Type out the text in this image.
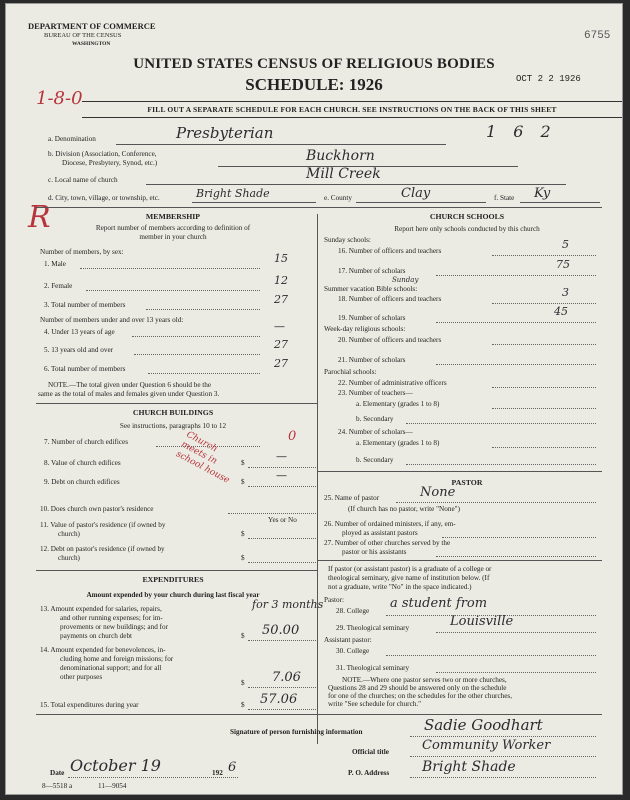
DEPARTMENT OF COMMERCE
BUREAU OF THE CENSUS
WASHINGTON
6755
UNITED STATES CENSUS OF RELIGIOUS BODIES
SCHEDULE: 1926	OCT 2 2 1926
1-8-0
FILL OUT A SEPARATE SCHEDULE FOR EACH CHURCH. SEE INSTRUCTIONS ON THE BACK OF THIS SHEET
a. Denomination	Presbyterian	1 6 2
b. Division (Association, Conference,
Diocese, Presbytery, Synod, etc.)	Buckhorn
c. Local name of church	Mill Creek
d. City, town, village, or township, etc.	Bright Shade	e. County	Clay	f. State Ky
R	MEMBERSHIP
Report number of members according to definition of
member in your church
Number of members, by sex:
1. Male	15
2. Female	12
3. Total number of members	27
Number of members under and over 13 years old:
4. Under 13 years of age	—
5. 13 years old and over	27
6. Total number of members	27
NOTE.—The total given under Question 6 should be the
same as the total of males and females given under Question 3.
CHURCH BUILDINGS
See instructions, paragraphs 10 to 12
7. Number of church edifices	0
8. Value of church edifices	$	—
9. Debt on church edifices	$	—
Church meets in school house
10. Does church own pastor's residence
Yes or No
11. Value of pastor's residence (if owned by
church)	$
12. Debt on pastor's residence (if owned by
church)	$
EXPENDITURES
Amount expended by your church during last fiscal year
13. Amount expended for salaries, repairs,
and other running expenses; for im-
provements or new buildings; and for
payments on church debt
for 3 months
$ 50.00
14. Amount expended for benevolences, in-
cluding home and foreign missions; for
denominational support; and for all
other purposes
$ 7.06
15. Total expenditures during year	$ 57.06
CHURCH SCHOOLS
Report here only schools conducted by this church
Sunday schools:
16. Number of officers and teachers	5
17. Number of scholars	75
Summer vacation Bible schools:
Sunday
18. Number of officers and teachers	3
19. Number of scholars	45
Week-day religious schools:
20. Number of officers and teachers
21. Number of scholars
Parochial schools:
22. Number of administrative officers
23. Number of teachers—
a. Elementary (grades 1 to 8)
b. Secondary
24. Number of scholars—
a. Elementary (grades 1 to 8)
b. Secondary
PASTOR
25. Name of pastor	None
(If church has no pastor, write "None")
26. Number of ordained ministers, if any, em-
ployed as assistant pastors
27. Number of other churches served by the
pastor or his assistants
If pastor (or assistant pastor) is a graduate of a college or
theological seminary, give name of institution below. (If
not a graduate, write "No" in the space indicated.)
Pastor:
28. College a student from
29. Theological seminary	Louisville
Assistant pastor:
30. College
31. Theological seminary
NOTE.—Where one pastor serves two or more churches,
Questions 28 and 29 should be answered only on the schedule
for one of the churches; on the schedules for the other churches,
write "See schedule for church."
Signature of person furnishing information	Sadie Goodhart
Official title	Community Worker
Date October 19	192 6	P. O. Address Bright Shade
8—5518 a	11—9054
